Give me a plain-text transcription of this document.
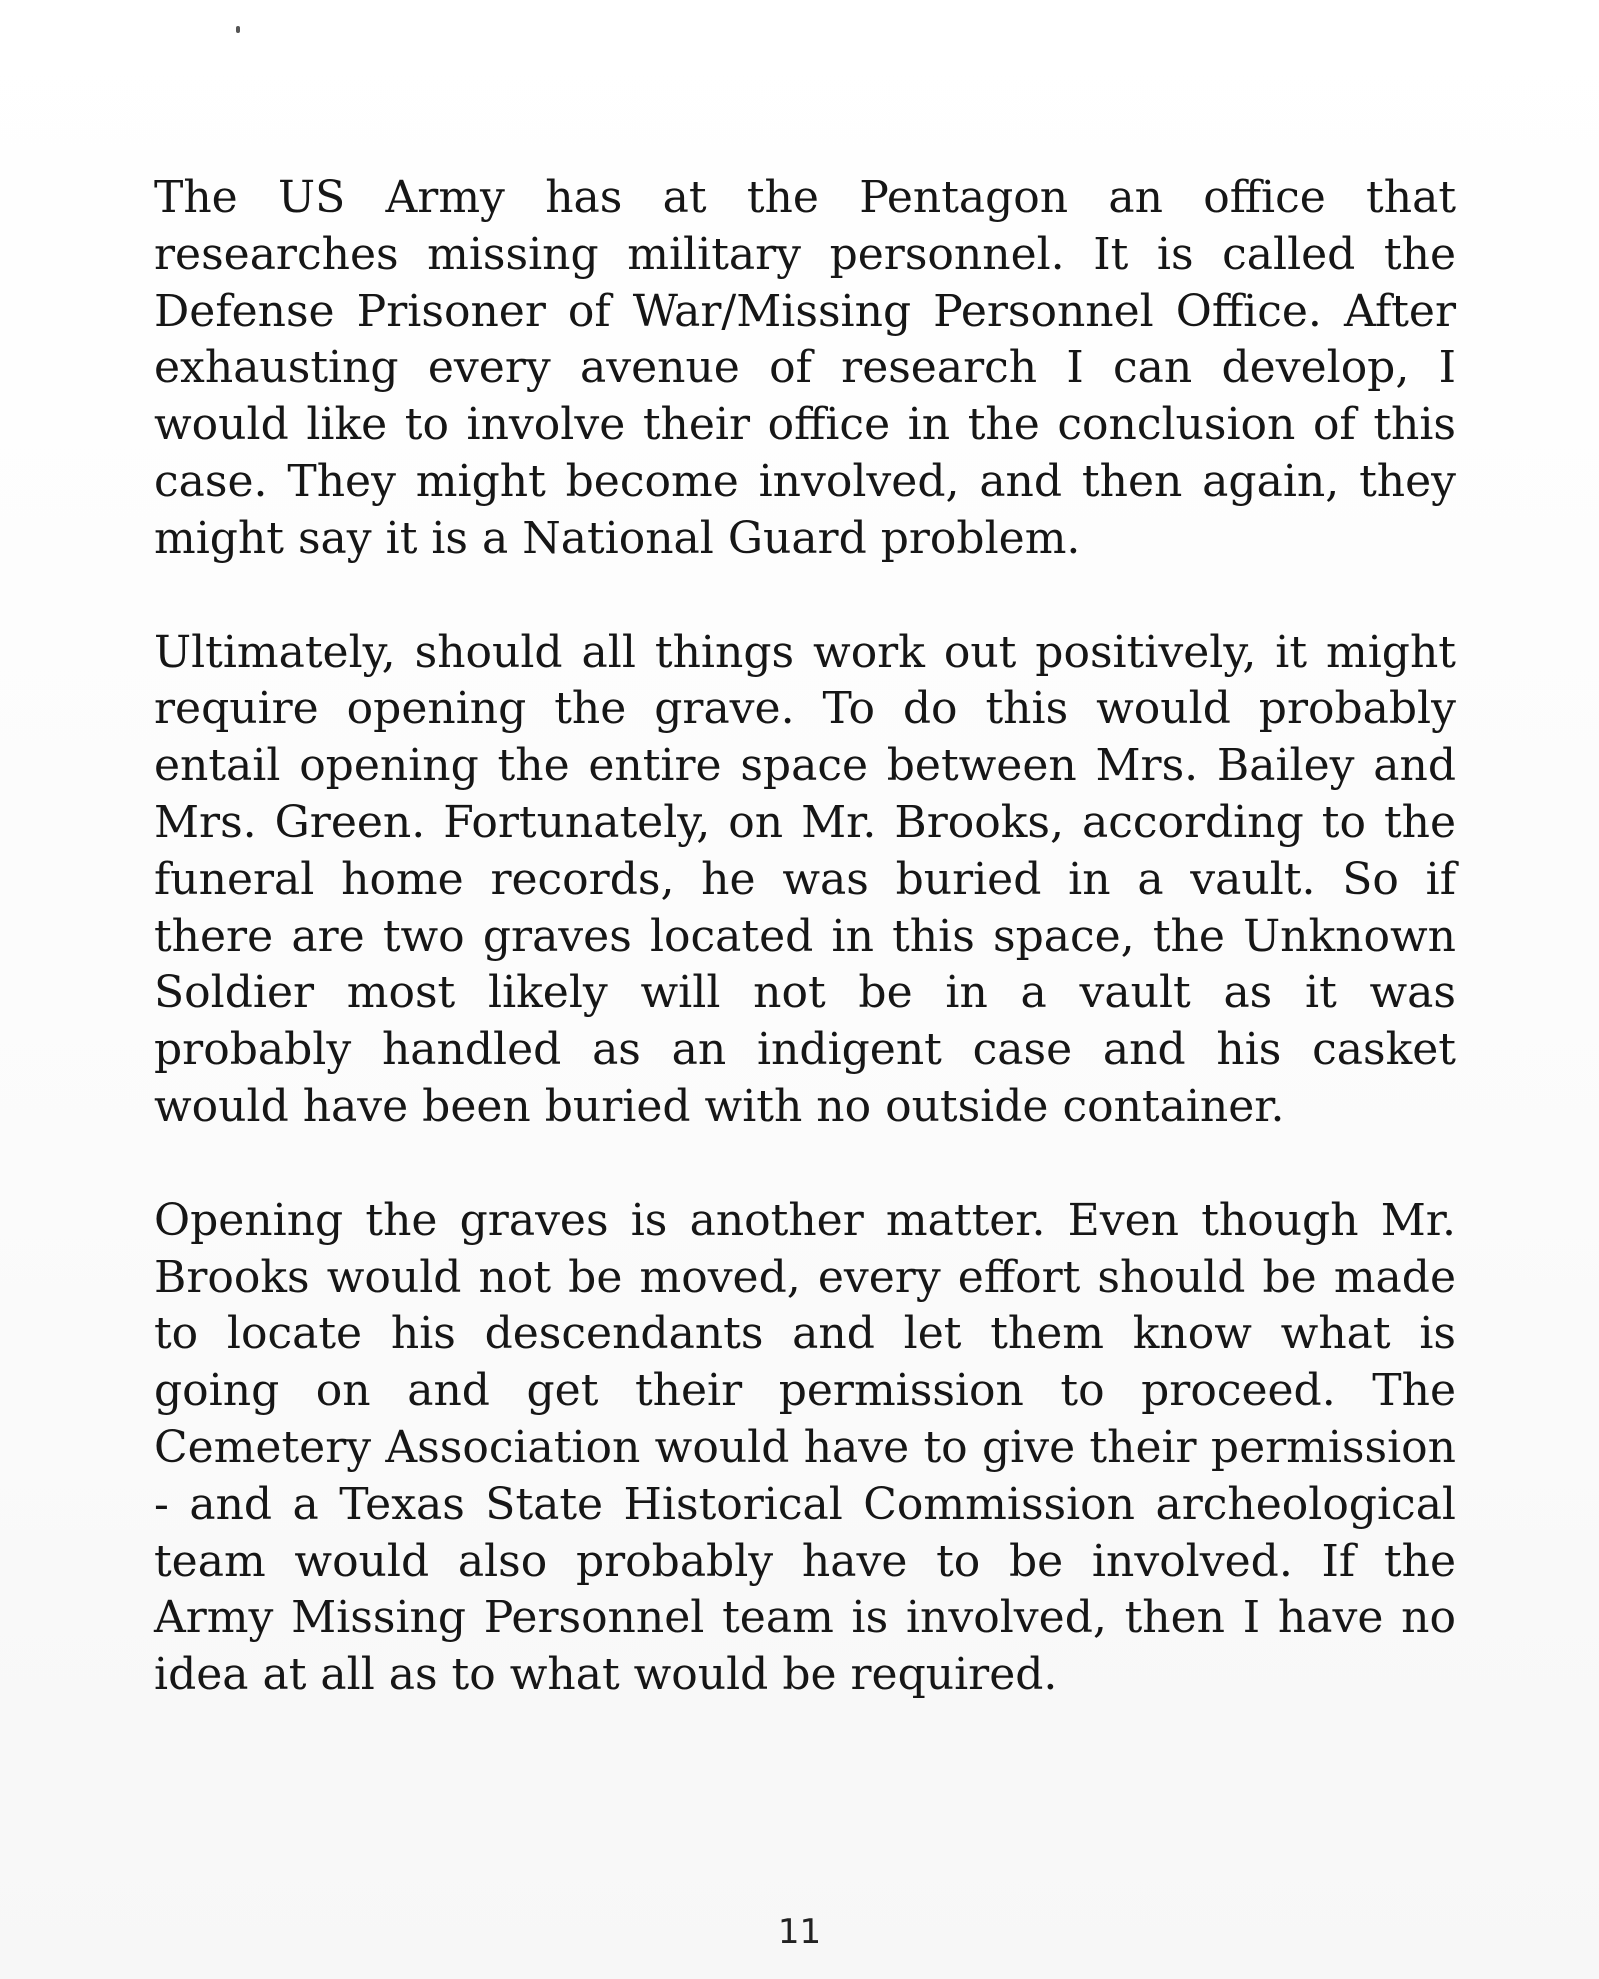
The US Army has at the Pentagon an office that researches missing military personnel. It is called the Defense Prisoner of War/Missing Personnel Office. After exhausting every avenue of research I can develop, I would like to involve their office in the conclusion of this case. They might become involved, and then again, they might say it is a National Guard problem.

Ultimately, should all things work out positively, it might require opening the grave. To do this would probably entail opening the entire space between Mrs. Bailey and Mrs. Green. Fortunately, on Mr. Brooks, according to the funeral home records, he was buried in a vault. So if there are two graves located in this space, the Unknown Soldier most likely will not be in a vault as it was probably handled as an indigent case and his casket would have been buried with no outside container.

Opening the graves is another matter. Even though Mr. Brooks would not be moved, every effort should be made to locate his descendants and let them know what is going on and get their permission to proceed. The Cemetery Association would have to give their permission - and a Texas State Historical Commission archeological team would also probably have to be involved. If the Army Missing Personnel team is involved, then I have no idea at all as to what would be required.

11
